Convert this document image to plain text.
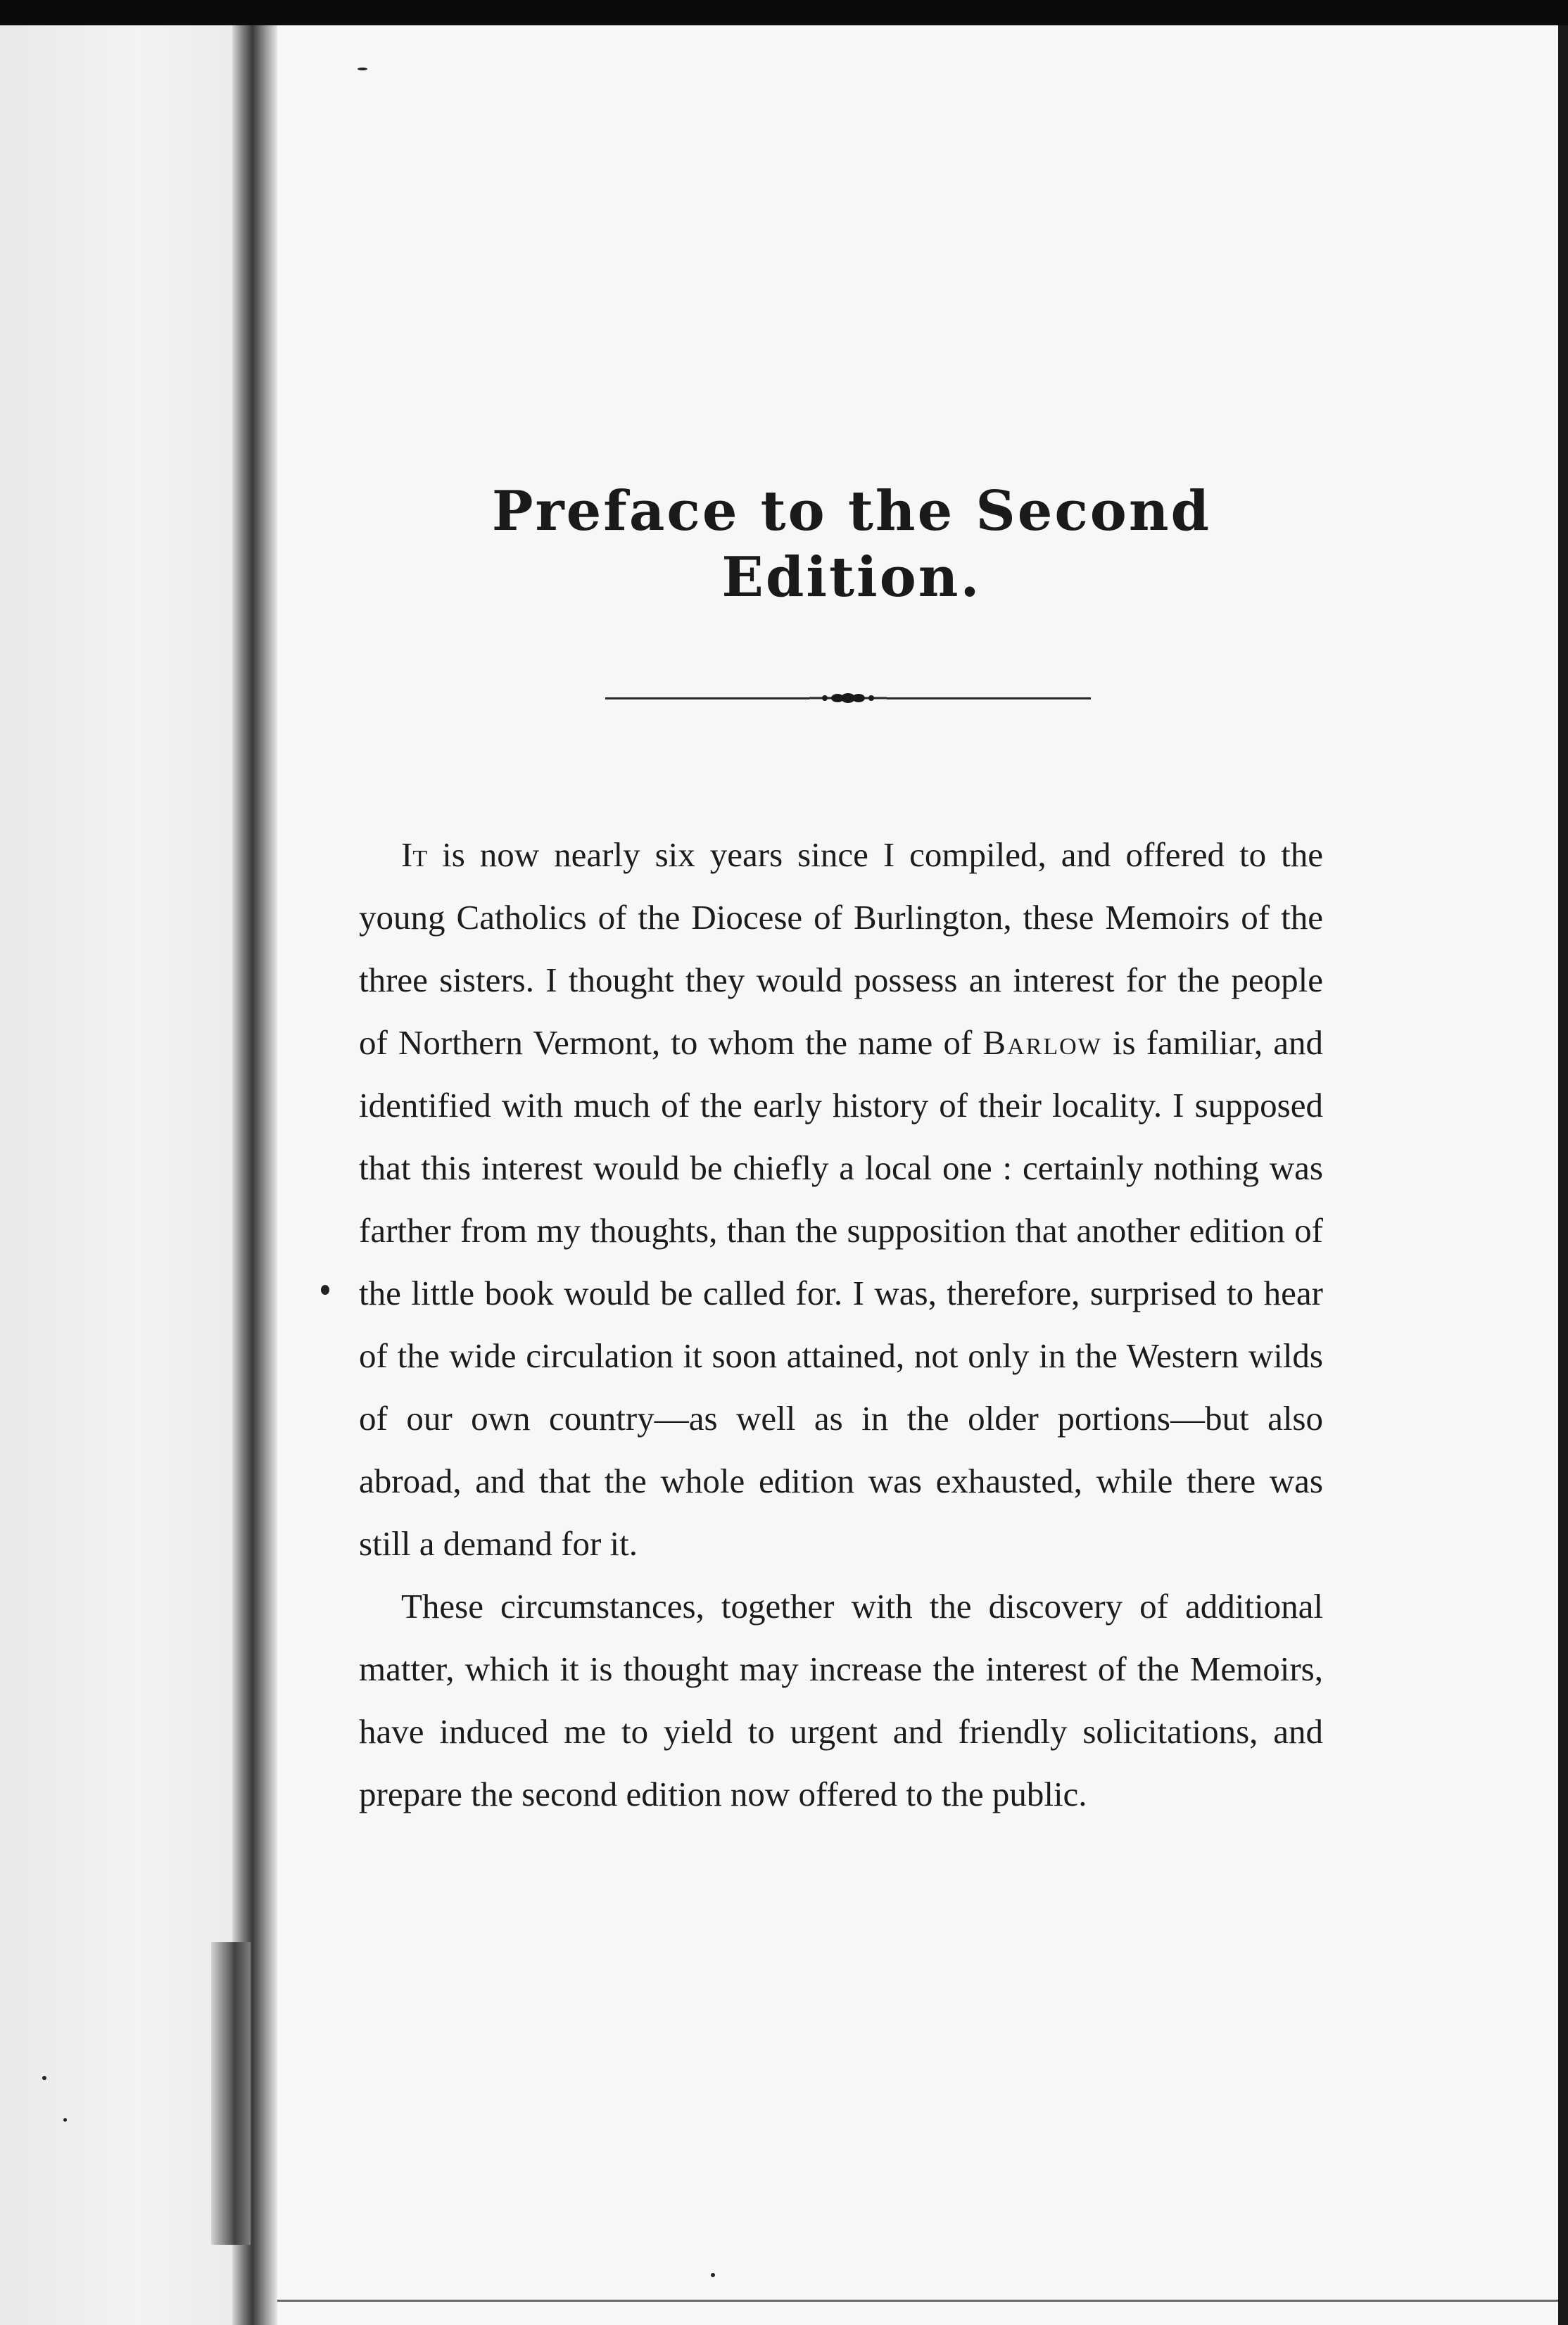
Preface to the Second Edition.

It is now nearly six years since I compiled, and offered to the young Catholics of the Diocese of Burlington, these Memoirs of the three sisters. I thought they would possess an interest for the people of Northern Vermont, to whom the name of Barlow is familiar, and identified with much of the early history of their locality. I supposed that this interest would be chiefly a local one : certainly nothing was farther from my thoughts, than the supposition that another edition of the little book would be called for. I was, therefore, surprised to hear of the wide circulation it soon attained, not only in the Western wilds of our own country—as well as in the older portions—but also abroad, and that the whole edition was exhausted, while there was still a demand for it.

These circumstances, together with the discovery of additional matter, which it is thought may increase the interest of the Memoirs, have induced me to yield to urgent and friendly solicitations, and prepare the second edition now offered to the public.
